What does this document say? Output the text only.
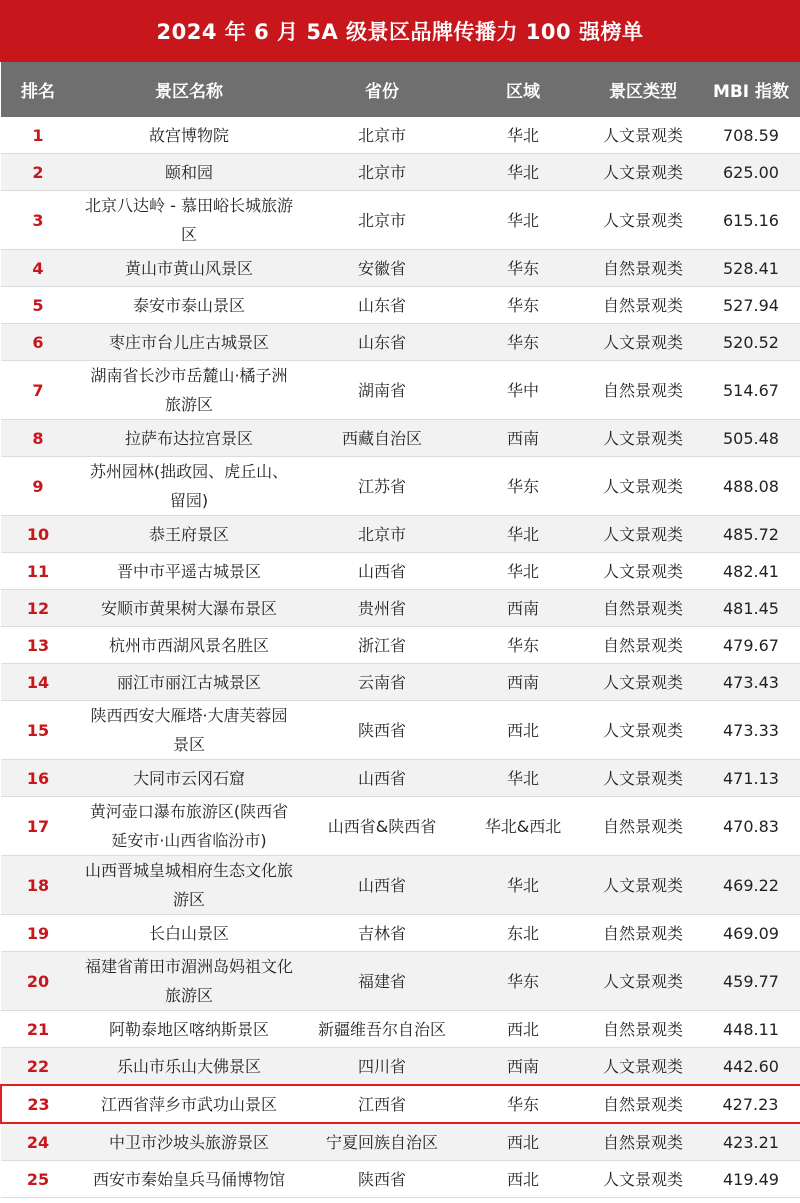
2024 年 6 月 5A 级景区品牌传播力 100 强榜单
排名	景区名称	省份	区域	景区类型	MBI 指数
1	故宫博物院	北京市	华北	人文景观类	708.59
2	颐和园	北京市	华北	人文景观类	625.00
3	北京八达岭 - 慕田峪长城旅游区	北京市	华北	人文景观类	615.16
4	黄山市黄山风景区	安徽省	华东	自然景观类	528.41
5	泰安市泰山景区	山东省	华东	自然景观类	527.94
6	枣庄市台儿庄古城景区	山东省	华东	人文景观类	520.52
7	湖南省长沙市岳麓山·橘子洲旅游区	湖南省	华中	自然景观类	514.67
8	拉萨布达拉宫景区	西藏自治区	西南	人文景观类	505.48
9	苏州园林(拙政园、虎丘山、留园)	江苏省	华东	人文景观类	488.08
10	恭王府景区	北京市	华北	人文景观类	485.72
11	晋中市平遥古城景区	山西省	华北	人文景观类	482.41
12	安顺市黄果树大瀑布景区	贵州省	西南	自然景观类	481.45
13	杭州市西湖风景名胜区	浙江省	华东	自然景观类	479.67
14	丽江市丽江古城景区	云南省	西南	人文景观类	473.43
15	陕西西安大雁塔·大唐芙蓉园景区	陕西省	西北	人文景观类	473.33
16	大同市云冈石窟	山西省	华北	人文景观类	471.13
17	黄河壶口瀑布旅游区(陕西省延安市·山西省临汾市)	山西省&陕西省	华北&西北	自然景观类	470.83
18	山西晋城皇城相府生态文化旅游区	山西省	华北	人文景观类	469.22
19	长白山景区	吉林省	东北	自然景观类	469.09
20	福建省莆田市湄洲岛妈祖文化旅游区	福建省	华东	人文景观类	459.77
21	阿勒泰地区喀纳斯景区	新疆维吾尔自治区	西北	自然景观类	448.11
22	乐山市乐山大佛景区	四川省	西南	人文景观类	442.60
23	江西省萍乡市武功山景区	江西省	华东	自然景观类	427.23
24	中卫市沙坡头旅游景区	宁夏回族自治区	西北	自然景观类	423.21
25	西安市秦始皇兵马俑博物馆	陕西省	西北	人文景观类	419.49
